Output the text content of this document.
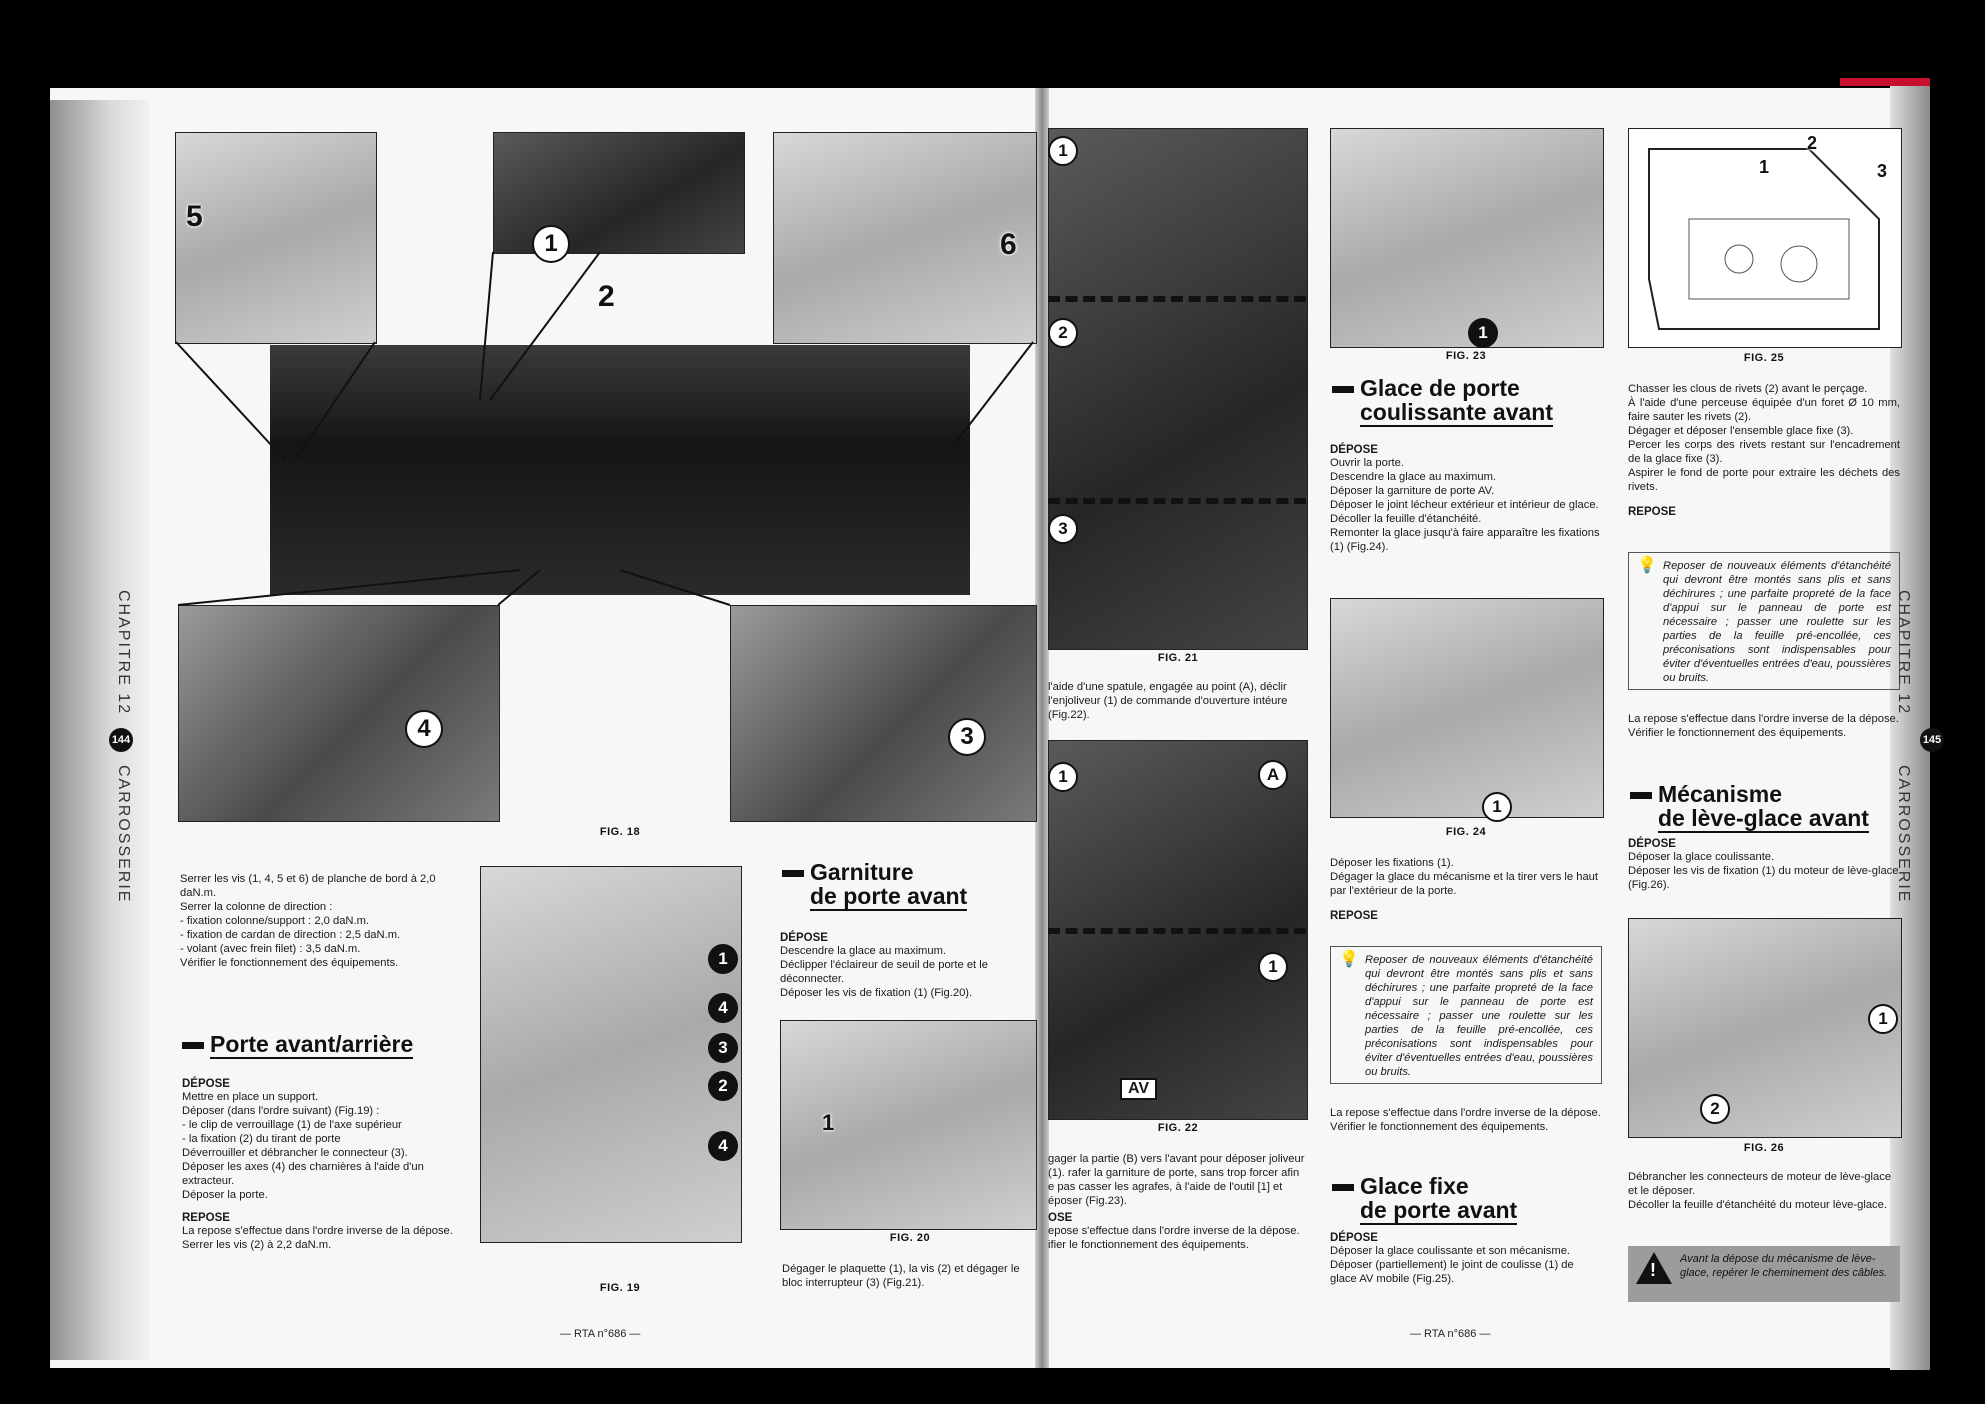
CHAPITRE 12
144
CARROSSERIE
5
1
2
6
4	3
FIG. 18

Serrer les vis (1, 4, 5 et 6) de planche de bord à 2,0 daN.m.

Serrer la colonne de direction :

- fixation colonne/support : 2,0 daN.m.

- fixation de cardan de direction : 2,5 daN.m.

- volant (avec frein filet) : 3,5 daN.m.

Vérifier le fonctionnement des équipements.

Porte avant/arrière

DÉPOSE

Mettre en place un support.

Déposer (dans l'ordre suivant) (Fig.19) :

- le clip de verrouillage (1) de l'axe supérieur

- la fixation (2) du tirant de porte

Déverrouiller et débrancher le connecteur (3).

Déposer les axes (4) des charnières à l'aide d'un extracteur.

Déposer la porte.

REPOSE

La repose s'effectue dans l'ordre inverse de la dépose.

Serrer les vis (2) à 2,2 daN.m.

1
4
3
2
4
FIG. 19
Garniture
de porte avant

DÉPOSE

Descendre la glace au maximum.

Déclipper l'éclaireur de seuil de porte et le déconnecter.

Déposer les vis de fixation (1) (Fig.20).

1
FIG. 20

Dégager le plaquette (1), la vis (2) et dégager le bloc interrupteur (3) (Fig.21).

— RTA n°686 —
1
2
3
FIG. 21

l'aide d'une spatule, engagée au point (A), déclir l'enjoliveur (1) de commande d'ouverture intéure (Fig.22).

1	A
1
AV
FIG. 22

gager la partie (B) vers l'avant pour déposer joliveur (1). rafer la garniture de porte, sans trop forcer afin e pas casser les agrafes, à l'aide de l'outil [1] et époser (Fig.23).

OSE

epose s'effectue dans l'ordre inverse de la dépose. ifier le fonctionnement des équipements.

1
FIG. 23
Glace de porte
coulissante avant

DÉPOSE

Ouvrir la porte.

Descendre la glace au maximum.

Déposer la garniture de porte AV.

Déposer le joint lécheur extérieur et intérieur de glace.

Décoller la feuille d'étanchéité.

Remonter la glace jusqu'à faire apparaître les fixations (1) (Fig.24).

1
FIG. 24

Déposer les fixations (1).

Dégager la glace du mécanisme et la tirer vers le haut par l'extérieur de la porte.

REPOSE

💡 Reposer de nouveaux éléments d'étanchéité qui devront être montés sans plis et sans déchirures ; une parfaite propreté de la face d'appui sur le panneau de porte est nécessaire ; passer une roulette sur les parties de la feuille pré-encollée, ces préconisations sont indispensables pour éviter d'éventuelles entrées d'eau, poussières ou bruits.

La repose s'effectue dans l'ordre inverse de la dépose.

Vérifier le fonctionnement des équipements.

Glace fixe
de porte avant

DÉPOSE

Déposer la glace coulissante et son mécanisme.

Déposer (partiellement) le joint de coulisse (1) de glace AV mobile (Fig.25).

— RTA n°686 —
2
1	3
FIG. 25

Chasser les clous de rivets (2) avant le perçage.

À l'aide d'une perceuse équipée d'un foret Ø 10 mm, faire sauter les rivets (2).

Dégager et déposer l'ensemble glace fixe (3).

Percer les corps des rivets restant sur l'encadrement de la glace fixe (3).

Aspirer le fond de porte pour extraire les déchets des rivets.

REPOSE

💡 Reposer de nouveaux éléments d'étanchéité qui devront être montés sans plis et sans déchirures ; une parfaite propreté de la face d'appui sur le panneau de porte est nécessaire ; passer une roulette sur les parties de la feuille pré-encollée, ces préconisations sont indispensables pour éviter d'éventuelles entrées d'eau, poussières ou bruits.

La repose s'effectue dans l'ordre inverse de la dépose.

Vérifier le fonctionnement des équipements.

Mécanisme
de lève-glace avant

DÉPOSE

Déposer la glace coulissante.

Déposer les vis de fixation (1) du moteur de lève-glace (Fig.26).

1
2
FIG. 26

Débrancher les connecteurs de moteur de lève-glace et le déposer.

Décoller la feuille d'étanchéité du moteur lève-glace.

!
Avant la dépose du mécanisme de lève-glace, repérer le cheminement des câbles.
CHAPITRE 12
145
CARROSSERIE
